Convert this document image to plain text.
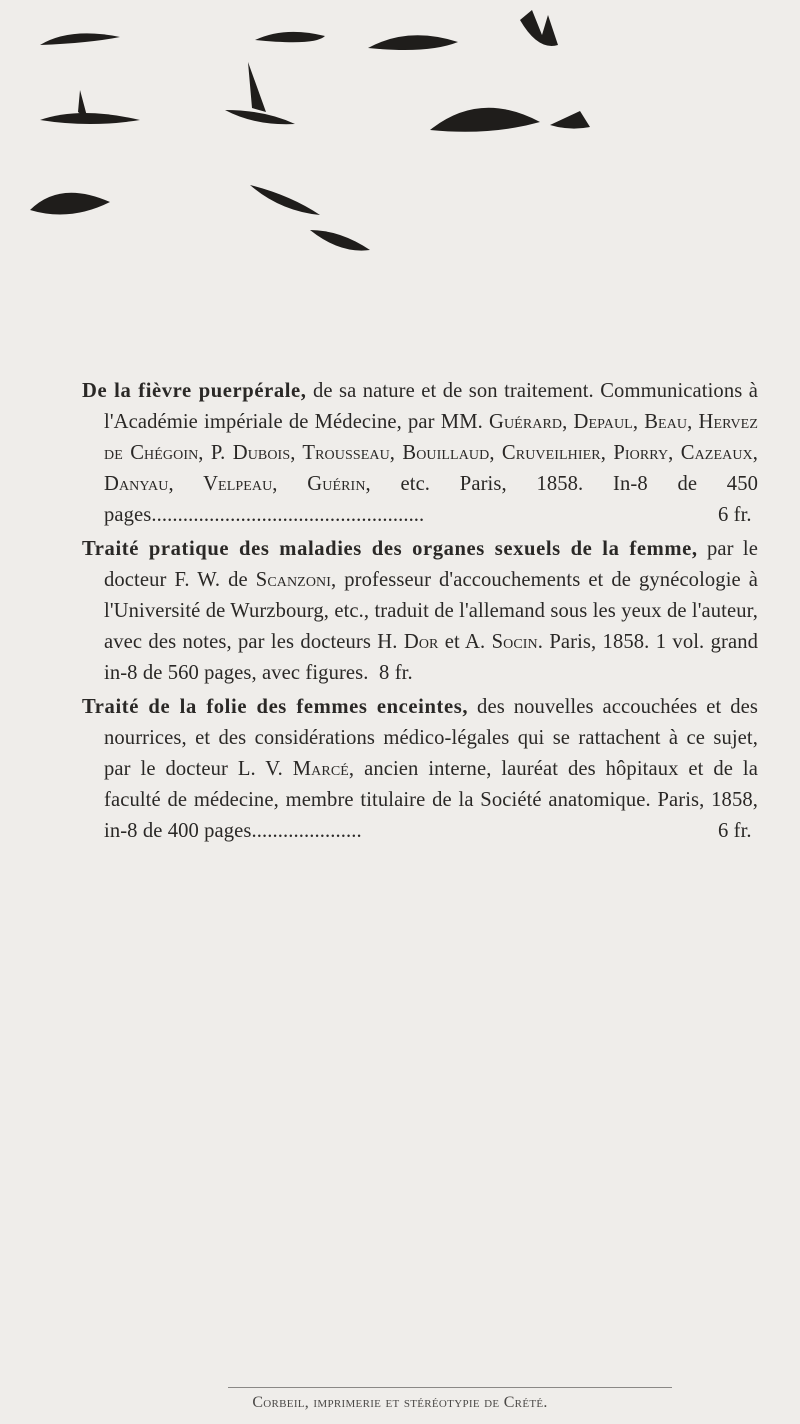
De la fièvre puerpérale, de sa nature et de son traitement. Communications à l'Académie impériale de Médecine, par MM. Guérard, Depaul, Beau, Hervez de Chégoin, P. Dubois, Trousseau, Bouillaud, Cruveilhier, Piorry, Cazeaux, Danyau, Velpeau, Guérin, etc. Paris, 1858. In-8 de 450 pages....................................................	6 fr.

Traité pratique des maladies des organes sexuels de la femme, par le docteur F. W. de Scanzoni, professeur d'accouchements et de gynécologie à l'Université de Wurzbourg, etc., traduit de l'allemand sous les yeux de l'auteur, avec des notes, par les docteurs H. Dor et A. Socin. Paris, 1858. 1 vol. grand in-8 de 560 pages, avec figures. 8 fr.

Traité de la folie des femmes enceintes, des nouvelles accouchées et des nourrices, et des considérations médico-légales qui se rattachent à ce sujet, par le docteur L. V. Marcé, ancien interne, lauréat des hôpitaux et de la faculté de médecine, membre titulaire de la Société anatomique. Paris, 1858, in-8 de 400 pages.....................	6 fr.

Corbeil, imprimerie et stéréotypie de Crété.
